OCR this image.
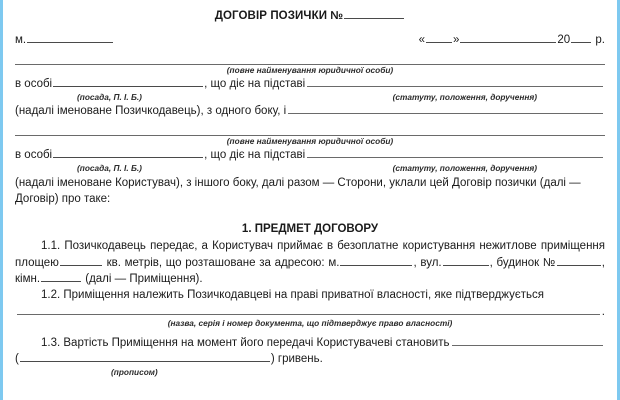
ДОГОВІР ПОЗИЧКИ №
м.	« »	20 р.
(повне найменування юридичної особи)
в особі	, що діє на підставі
(посада, П. І. Б.)	(статуту, положення, доручення)
(надалі іменоване Позичкодавець), з одного боку, і
(повне найменування юридичної особи)
в особі	, що діє на підставі
(посада, П. І. Б.)	(статуту, положення, доручення)
(надалі іменоване Користувач), з іншого боку, далі разом — Сторони, уклали цей Договір позички (далі —
Договір) про таке:
1. ПРЕДМЕТ ДОГОВОРУ
1.1. Позичкодавець передає, а Користувач приймає в безоплатне користування нежитлове приміщення площею	кв. метрів, що розташоване за адресою: м.	, вул.	, будинок №	, кімн.	(далі — Приміщення).
1.2. Приміщення належить Позичкодавцеві на праві приватної власності, яке підтверджується
.
(назва, серія і номер документа, що підтверджує право власності)
1.3.
Вартість Приміщення на момент його передачі Користувачеві становить
(	)
гривень.
(прописом)
